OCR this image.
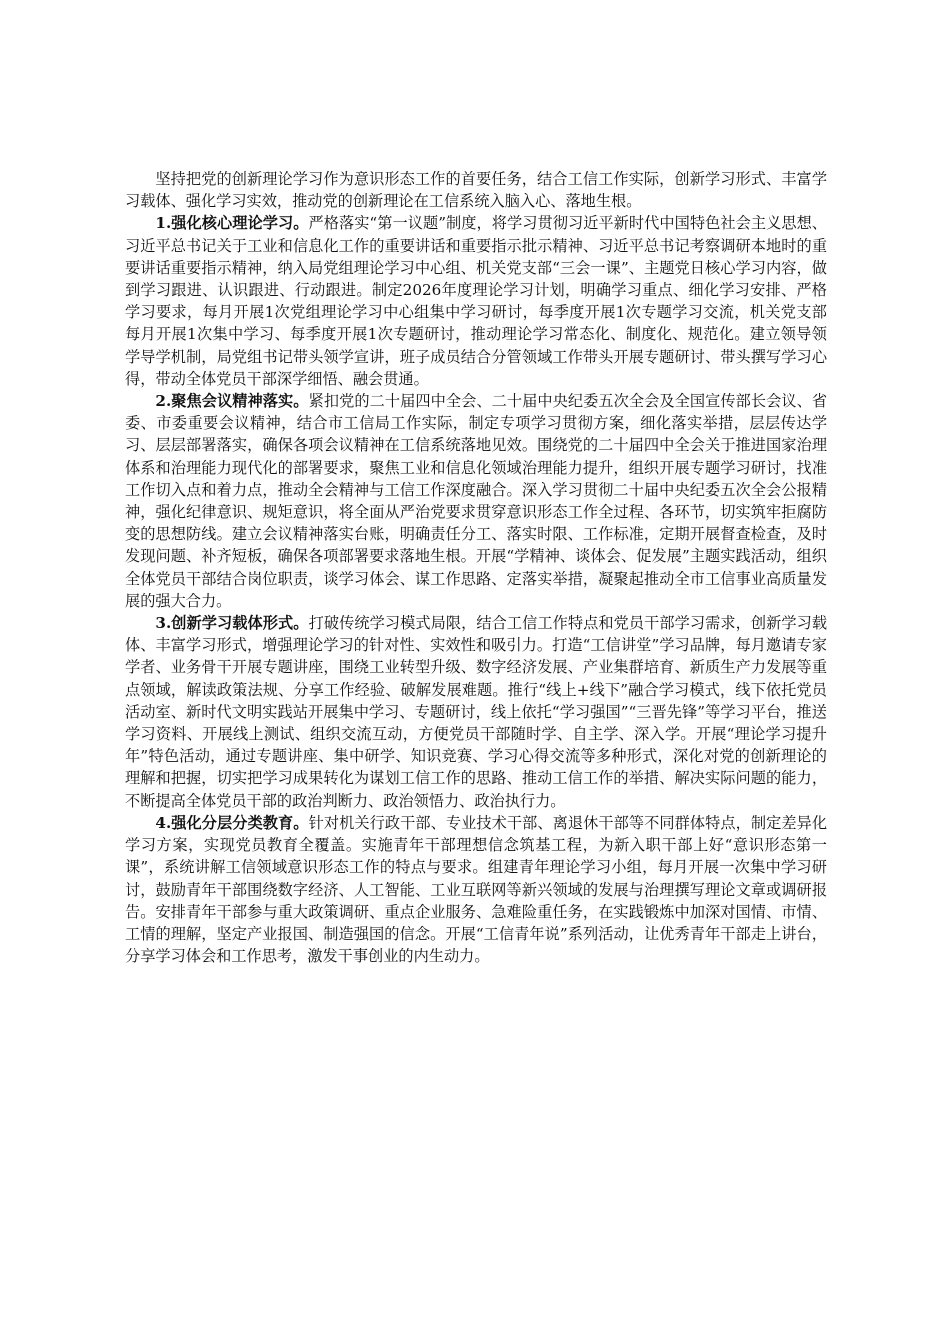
坚持把党的创新理论学习作为意识形态工作的首要任务，结合工信工作实际，创新学习形式、丰富学习载体、强化学习实效，推动党的创新理论在工信系统入脑入心、落地生根。

1.强化核心理论学习。严格落实“第一议题”制度，将学习贯彻习近平新时代中国特色社会主义思想、习近平总书记关于工业和信息化工作的重要讲话和重要指示批示精神、习近平总书记考察调研本地时的重要讲话重要指示精神，纳入局党组理论学习中心组、机关党支部“三会一课”、主题党日核心学习内容，做到学习跟进、认识跟进、行动跟进。制定2026年度理论学习计划，明确学习重点、细化学习安排、严格学习要求，每月开展1次党组理论学习中心组集中学习研讨，每季度开展1次专题学习交流，机关党支部每月开展1次集中学习、每季度开展1次专题研讨，推动理论学习常态化、制度化、规范化。建立领导领学导学机制，局党组书记带头领学宣讲，班子成员结合分管领域工作带头开展专题研讨、带头撰写学习心得，带动全体党员干部深学细悟、融会贯通。

2.聚焦会议精神落实。紧扣党的二十届四中全会、二十届中央纪委五次全会及全国宣传部长会议、省委、市委重要会议精神，结合市工信局工作实际，制定专项学习贯彻方案，细化落实举措，层层传达学习、层层部署落实，确保各项会议精神在工信系统落地见效。围绕党的二十届四中全会关于推进国家治理体系和治理能力现代化的部署要求，聚焦工业和信息化领域治理能力提升，组织开展专题学习研讨，找准工作切入点和着力点，推动全会精神与工信工作深度融合。深入学习贯彻二十届中央纪委五次全会公报精神，强化纪律意识、规矩意识，将全面从严治党要求贯穿意识形态工作全过程、各环节，切实筑牢拒腐防变的思想防线。建立会议精神落实台账，明确责任分工、落实时限、工作标准，定期开展督查检查，及时发现问题、补齐短板，确保各项部署要求落地生根。开展“学精神、谈体会、促发展”主题实践活动，组织全体党员干部结合岗位职责，谈学习体会、谋工作思路、定落实举措，凝聚起推动全市工信事业高质量发展的强大合力。

3.创新学习载体形式。打破传统学习模式局限，结合工信工作特点和党员干部学习需求，创新学习载体、丰富学习形式，增强理论学习的针对性、实效性和吸引力。打造“工信讲堂”学习品牌，每月邀请专家学者、业务骨干开展专题讲座，围绕工业转型升级、数字经济发展、产业集群培育、新质生产力发展等重点领域，解读政策法规、分享工作经验、破解发展难题。推行“线上+线下”融合学习模式，线下依托党员活动室、新时代文明实践站开展集中学习、专题研讨，线上依托“学习强国”“三晋先锋”等学习平台，推送学习资料、开展线上测试、组织交流互动，方便党员干部随时学、自主学、深入学。开展“理论学习提升年”特色活动，通过专题讲座、集中研学、知识竞赛、学习心得交流等多种形式，深化对党的创新理论的理解和把握，切实把学习成果转化为谋划工信工作的思路、推动工信工作的举措、解决实际问题的能力，不断提高全体党员干部的政治判断力、政治领悟力、政治执行力。

4.强化分层分类教育。针对机关行政干部、专业技术干部、离退休干部等不同群体特点，制定差异化学习方案，实现党员教育全覆盖。实施青年干部理想信念筑基工程，为新入职干部上好“意识形态第一课”，系统讲解工信领域意识形态工作的特点与要求。组建青年理论学习小组，每月开展一次集中学习研讨，鼓励青年干部围绕数字经济、人工智能、工业互联网等新兴领域的发展与治理撰写理论文章或调研报告。安排青年干部参与重大政策调研、重点企业服务、急难险重任务，在实践锻炼中加深对国情、市情、工情的理解，坚定产业报国、制造强国的信念。开展“工信青年说”系列活动，让优秀青年干部走上讲台，分享学习体会和工作思考，激发干事创业的内生动力。
